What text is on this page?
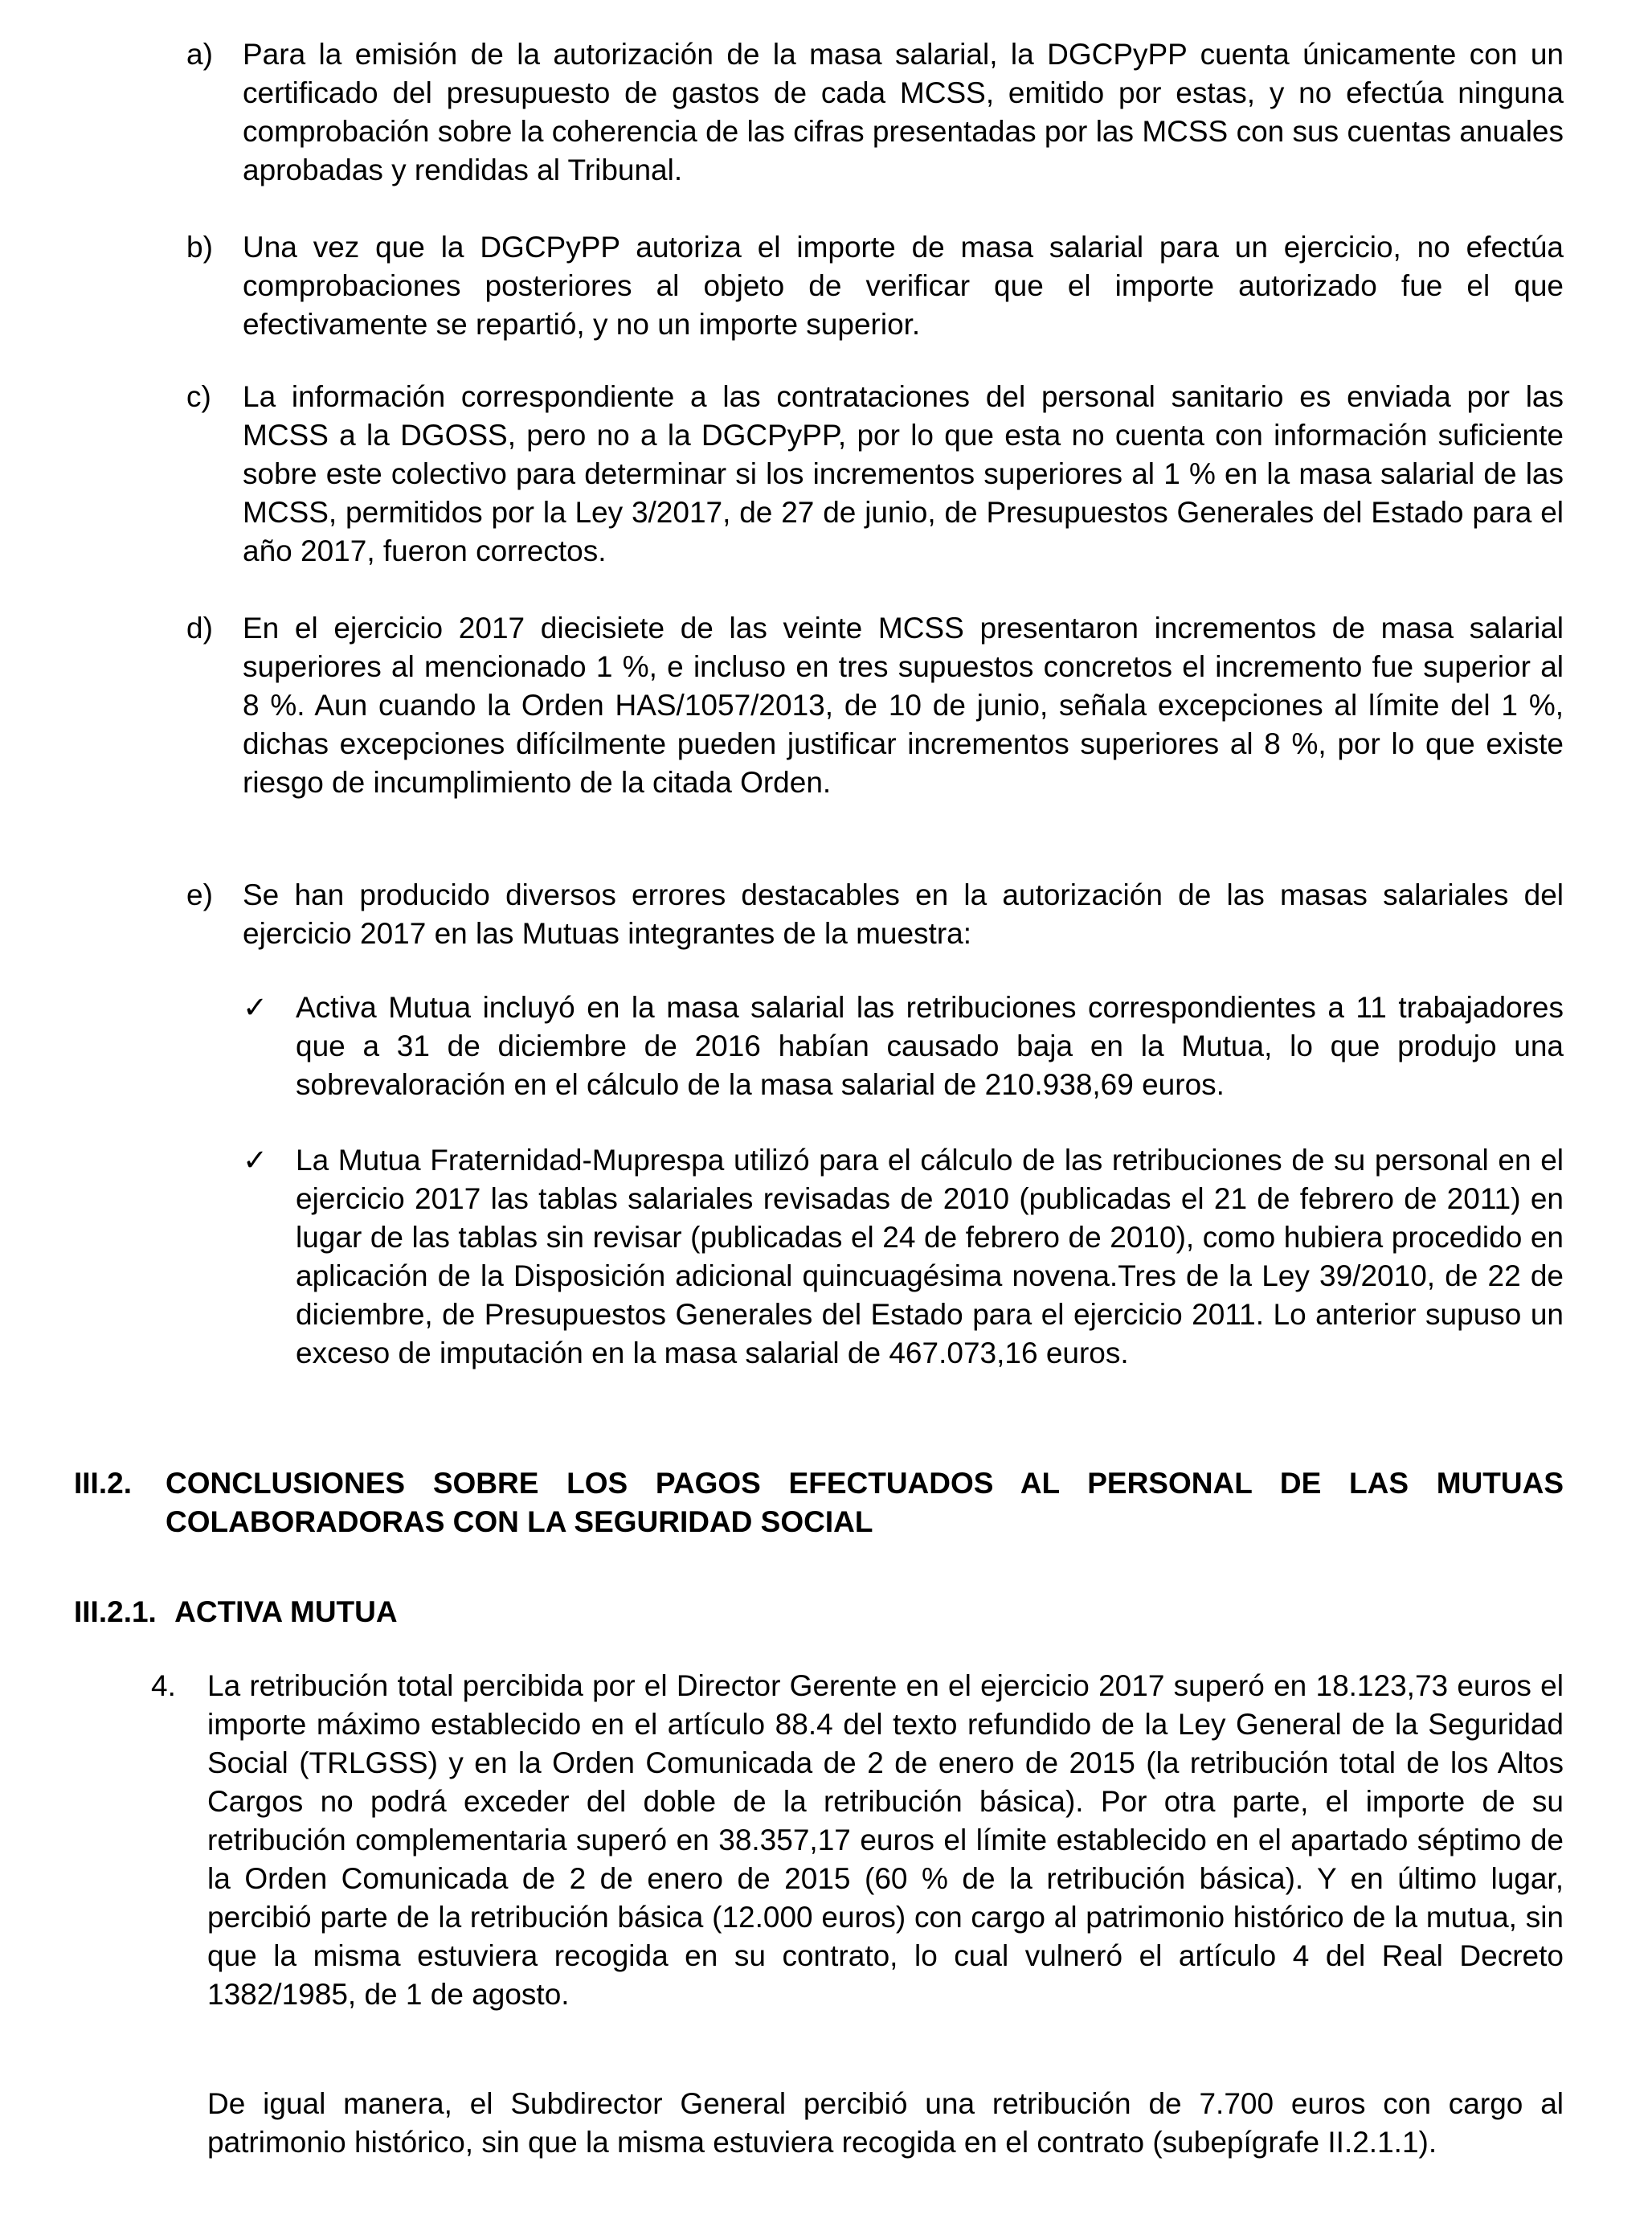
a) Para la emisión de la autorización de la masa salarial, la DGCPyPP cuenta únicamente con un certificado del presupuesto de gastos de cada MCSS, emitido por estas, y no efectúa ninguna comprobación sobre la coherencia de las cifras presentadas por las MCSS con sus cuentas anuales aprobadas y rendidas al Tribunal.

b) Una vez que la DGCPyPP autoriza el importe de masa salarial para un ejercicio, no efectúa comprobaciones posteriores al objeto de verificar que el importe autorizado fue el que efectivamente se repartió, y no un importe superior.

c) La información correspondiente a las contrataciones del personal sanitario es enviada por las MCSS a la DGOSS, pero no a la DGCPyPP, por lo que esta no cuenta con información suficiente sobre este colectivo para determinar si los incrementos superiores al 1 % en la masa salarial de las MCSS, permitidos por la Ley 3/2017, de 27 de junio, de Presupuestos Generales del Estado para el año 2017, fueron correctos.

d) En el ejercicio 2017 diecisiete de las veinte MCSS presentaron incrementos de masa salarial superiores al mencionado 1 %, e incluso en tres supuestos concretos el incremento fue superior al 8 %. Aun cuando la Orden HAS/1057/2013, de 10 de junio, señala excepciones al límite del 1 %, dichas excepciones difícilmente pueden justificar incrementos superiores al 8 %, por lo que existe riesgo de incumplimiento de la citada Orden.

e) Se han producido diversos errores destacables en la autorización de las masas salariales del ejercicio 2017 en las Mutuas integrantes de la muestra:

✓ Activa Mutua incluyó en la masa salarial las retribuciones correspondientes a 11 trabajadores que a 31 de diciembre de 2016 habían causado baja en la Mutua, lo que produjo una sobrevaloración en el cálculo de la masa salarial de 210.938,69 euros.

✓ La Mutua Fraternidad-Muprespa utilizó para el cálculo de las retribuciones de su personal en el ejercicio 2017 las tablas salariales revisadas de 2010 (publicadas el 21 de febrero de 2011) en lugar de las tablas sin revisar (publicadas el 24 de febrero de 2010), como hubiera procedido en aplicación de la Disposición adicional quincuagésima novena.Tres de la Ley 39/2010, de 22 de diciembre, de Presupuestos Generales del Estado para el ejercicio 2011. Lo anterior supuso un exceso de imputación en la masa salarial de 467.073,16 euros.

III.2. CONCLUSIONES SOBRE LOS PAGOS EFECTUADOS AL PERSONAL DE LAS MUTUAS COLABORADORAS CON LA SEGURIDAD SOCIAL

III.2.1. ACTIVA MUTUA
4. La retribución total percibida por el Director Gerente en el ejercicio 2017 superó en 18.123,73 euros el importe máximo establecido en el artículo 88.4 del texto refundido de la Ley General de la Seguridad Social (TRLGSS) y en la Orden Comunicada de 2 de enero de 2015 (la retribución total de los Altos Cargos no podrá exceder del doble de la retribución básica). Por otra parte, el importe de su retribución complementaria superó en 38.357,17 euros el límite establecido en el apartado séptimo de la Orden Comunicada de 2 de enero de 2015 (60 % de la retribución básica). Y en último lugar, percibió parte de la retribución básica (12.000 euros) con cargo al patrimonio histórico de la mutua, sin que la misma estuviera recogida en su contrato, lo cual vulneró el artículo 4 del Real Decreto 1382/1985, de 1 de agosto.

De igual manera, el Subdirector General percibió una retribución de 7.700 euros con cargo al patrimonio histórico, sin que la misma estuviera recogida en el contrato (subepígrafe II.2.1.1).
